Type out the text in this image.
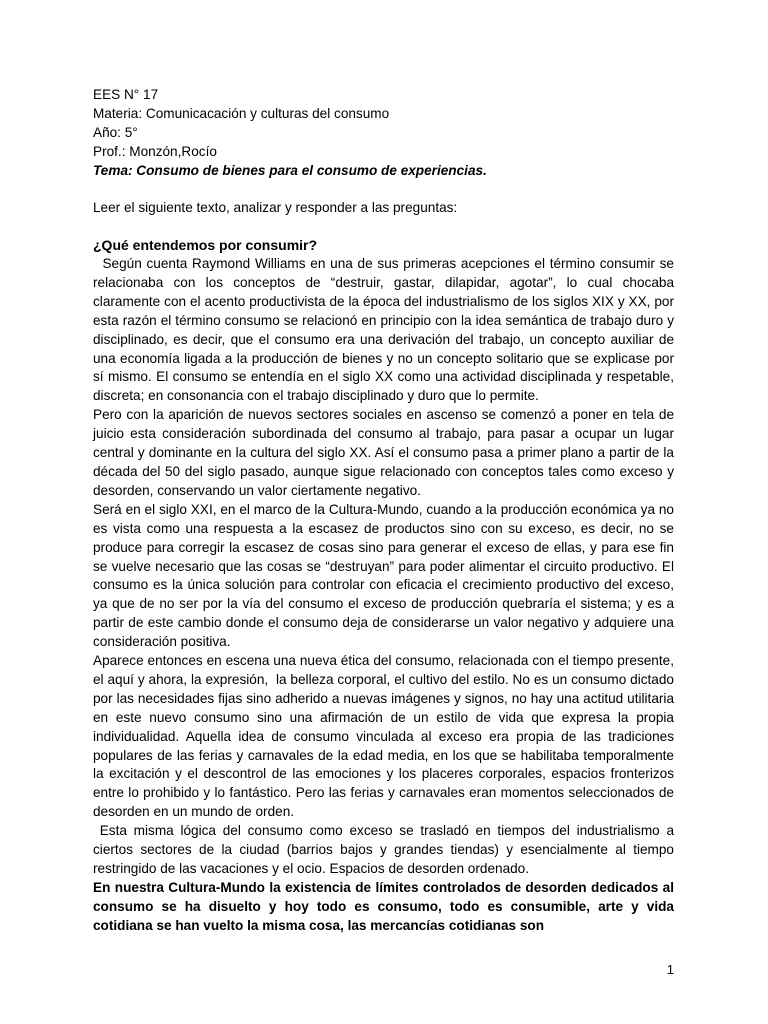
EES N° 17

Materia: Comunicacación y culturas del consumo

Año: 5°

Prof.: Monzón,Rocío

Tema: Consumo de bienes para el consumo de experiencias.

Leer el siguiente texto, analizar y responder a las preguntas:

¿Qué entendemos por consumir?

Según cuenta Raymond Williams en una de sus primeras acepciones el término consumir se relacionaba con los conceptos de “destruir, gastar, dilapidar, agotar”, lo cual chocaba claramente con el acento productivista de la época del industrialismo de los siglos XIX y XX, por esta razón el término consumo se relacionó en principio con la idea semántica de trabajo duro y disciplinado, es decir, que el consumo era una derivación del trabajo, un concepto auxiliar de una economía ligada a la producción de bienes y no un concepto solitario que se explicase por sí mismo. El consumo se entendía en el siglo XX como una actividad disciplinada y respetable, discreta; en consonancia con el trabajo disciplinado y duro que lo permite.

Pero con la aparición de nuevos sectores sociales en ascenso se comenzó a poner en tela de juicio esta consideración subordinada del consumo al trabajo, para pasar a ocupar un lugar central y dominante en la cultura del siglo XX. Así el consumo pasa a primer plano a partir de la década del 50 del siglo pasado, aunque sigue relacionado con conceptos tales como exceso y desorden, conservando un valor ciertamente negativo.

Será en el siglo XXI, en el marco de la Cultura-Mundo, cuando a la producción económica ya no es vista como una respuesta a la escasez de productos sino con su exceso, es decir, no se produce para corregir la escasez de cosas sino para generar el exceso de ellas, y para ese fin se vuelve necesario que las cosas se “destruyan” para poder alimentar el circuito productivo. El consumo es la única solución para controlar con eficacia el crecimiento productivo del exceso, ya que de no ser por la vía del consumo el exceso de producción quebraría el sistema; y es a partir de este cambio donde el consumo deja de considerarse un valor negativo y adquiere una consideración positiva.

Aparece entonces en escena una nueva ética del consumo, relacionada con el tiempo presente, el aquí y ahora, la expresión,  la belleza corporal, el cultivo del estilo. No es un consumo dictado por las necesidades fijas sino adherido a nuevas imágenes y signos, no hay una actitud utilitaria en este nuevo consumo sino una afirmación de un estilo de vida que expresa la propia individualidad. Aquella idea de consumo vinculada al exceso era propia de las tradiciones populares de las ferias y carnavales de la edad media, en los que se habilitaba temporalmente la excitación y el descontrol de las emociones y los placeres corporales, espacios fronterizos entre lo prohibido y lo fantástico. Pero las ferias y carnavales eran momentos seleccionados de desorden en un mundo de orden.

Esta misma lógica del consumo como exceso se trasladó en tiempos del industrialismo a ciertos sectores de la ciudad (barrios bajos y grandes tiendas) y esencialmente al tiempo restringido de las vacaciones y el ocio. Espacios de desorden ordenado.

En nuestra Cultura-Mundo la existencia de límites controlados de desorden dedicados al consumo se ha disuelto y hoy todo es consumo, todo es consumible, arte y vida cotidiana se han vuelto la misma cosa, las mercancías cotidianas son

1
